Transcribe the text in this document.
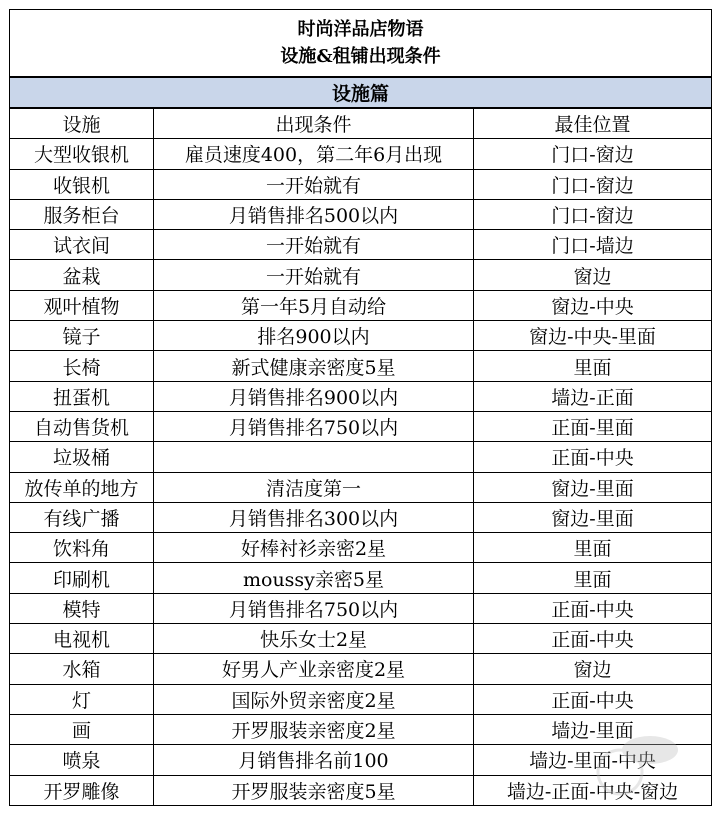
时尚洋品店物语
设施&租铺出现条件		

设施篇		
设施	出现条件	最佳位置
大型收银机	雇员速度400，第二年6月出现	门口-窗边
收银机	一开始就有	门口-窗边
服务柜台	月销售排名500以内	门口-窗边
试衣间	一开始就有	门口-墙边
盆栽	一开始就有	窗边
观叶植物	第一年5月自动给	窗边-中央
镜子	排名900以内	窗边-中央-里面
长椅	新式健康亲密度5星	里面
扭蛋机	月销售排名900以内	墙边-正面
自动售货机	月销售排名750以内	正面-里面
垃圾桶		正面-中央
放传单的地方	清洁度第一	窗边-里面
有线广播	月销售排名300以内	窗边-里面
饮料角	好棒衬衫亲密2星	里面
印刷机	moussy亲密5星	里面
模特	月销售排名750以内	正面-中央
电视机	快乐女士2星	正面-中央
水箱	好男人产业亲密度2星	窗边
灯	国际外贸亲密度2星	正面-中央
画	开罗服装亲密度2星	墙边-里面
喷泉	月销售排名前100	墙边-里面-中央
开罗雕像	开罗服装亲密度5星	墙边-正面-中央-窗边
